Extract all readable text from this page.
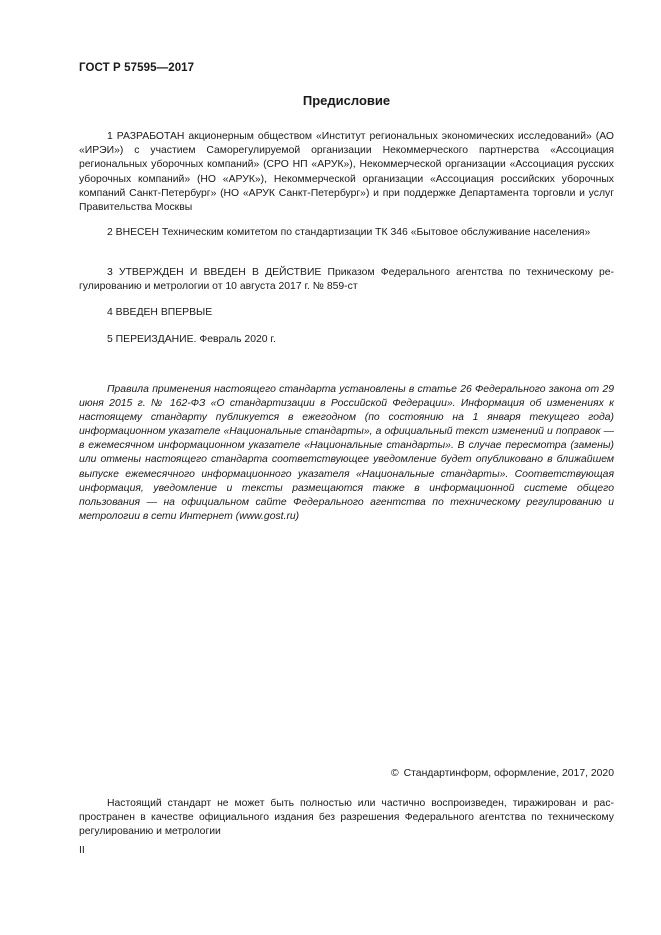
ГОСТ Р 57595—2017
Предисловие

1 РАЗРАБОТАН акционерным обществом «Институт региональных экономических исследований» (АО «ИРЭИ») с участием Саморегулируемой организации Некоммерческого партнерства «Ассоциация региональных уборочных компаний» (СРО НП «АРУК»), Некоммерческой организации «Ассоциация русских уборочных компаний» (НО «АРУК»), Некоммерческой организации «Ассоциация российских уборочных компаний Санкт-Петербург» (НО «АРУК Санкт-Петербург») и при поддержке Департамента торговли и услуг Правительства Москвы

2 ВНЕСЕН Техническим комитетом по стандартизации ТК 346 «Бытовое обслуживание населения»

3 УТВЕРЖДЕН И ВВЕДЕН В ДЕЙСТВИЕ Приказом Федерального агентства по техническому регулированию и метрологии от 10 августа 2017 г. № 859-ст

4 ВВЕДЕН ВПЕРВЫЕ

5 ПЕРЕИЗДАНИЕ. Февраль 2020 г.

Правила применения настоящего стандарта установлены в статье 26 Федерального закона от 29 июня 2015 г. № 162-ФЗ «О стандартизации в Российской Федерации». Информация об изменениях к настоящему стандарту публикуется в ежегодном (по состоянию на 1 января текущего года) информационном указателе «Национальные стандарты», а официальный текст изменений и поправок — в ежемесячном информационном указателе «Национальные стандарты». В случае пересмотра (замены) или отмены настоящего стандарта соответствующее уведомление будет опубликовано в ближайшем выпуске ежемесячного информационного указателя «Национальные стандарты». Соответствующая информация, уведомление и тексты размещаются также в информационной системе общего пользования — на официальном сайте Федерального агентства по техническому регулированию и метрологии в сети Интернет (www.gost.ru)

© Стандартинформ, оформление, 2017, 2020

Настоящий стандарт не может быть полностью или частично воспроизведен, тиражирован и распространен в качестве официального издания без разрешения Федерального агентства по техническому регулированию и метрологии

II
